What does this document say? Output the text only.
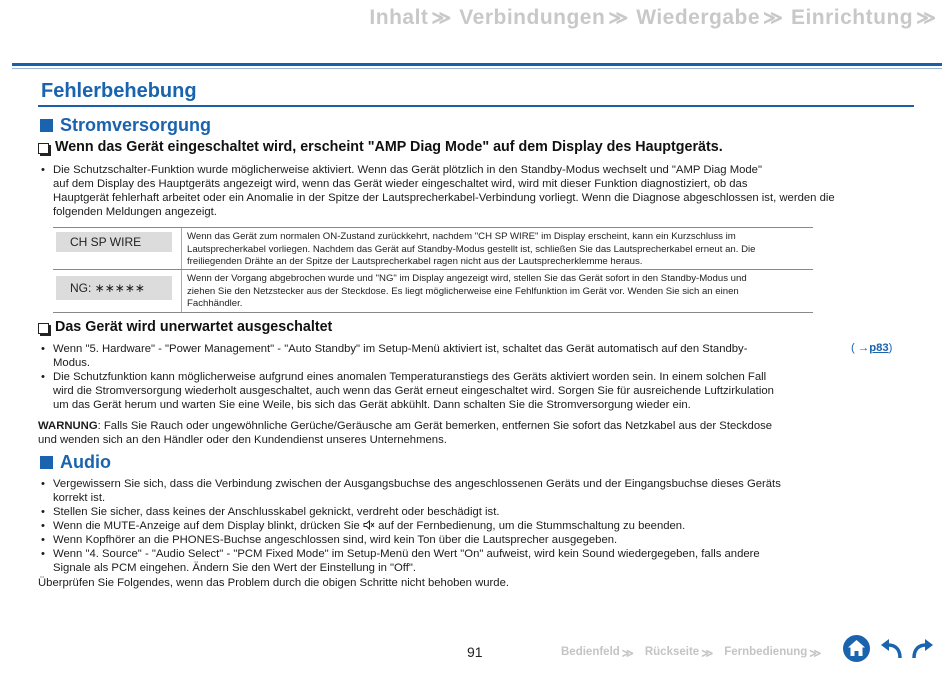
Inhalt ≫ Verbindungen ≫ Wiedergabe ≫ Einrichtung ≫
Fehlerbehebung
Stromversorgung
Wenn das Gerät eingeschaltet wird, erscheint "AMP Diag Mode" auf dem Display des Hauptgeräts.
• Die Schutzschalter-Funktion wurde möglicherweise aktiviert. Wenn das Gerät plötzlich in den Standby-Modus wechselt und "AMP Diag Mode"
auf dem Display des Hauptgeräts angezeigt wird, wenn das Gerät wieder eingeschaltet wird, wird mit dieser Funktion diagnostiziert, ob das
Hauptgerät fehlerhaft arbeitet oder ein Anomalie in der Spitze der Lautsprecherkabel-Verbindung vorliegt. Wenn die Diagnose abgeschlossen ist, werden die
folgenden Meldungen angezeigt.
CH SP WIRE	Wenn das Gerät zum normalen ON-Zustand zurückkehrt, nachdem "CH SP WIRE" im Display erscheint, kann ein Kurzschluss im
Lautsprecherkabel vorliegen. Nachdem das Gerät auf Standby-Modus gestellt ist, schließen Sie das Lautsprecherkabel erneut an. Die
freiliegenden Drähte an der Spitze der Lautsprecherkabel ragen nicht aus der Lautsprecherklemme heraus.
NG: ∗∗∗∗∗
Wenn der Vorgang abgebrochen wurde und "NG" im Display angezeigt wird, stellen Sie das Gerät sofort in den Standby-Modus und
ziehen Sie den Netzstecker aus der Steckdose. Es liegt möglicherweise eine Fehlfunktion im Gerät vor. Wenden Sie sich an einen
Fachhändler.
Das Gerät wird unerwartet ausgeschaltet
• Wenn "5. Hardware" - "Power Management" - "Auto Standby" im Setup-Menü aktiviert ist, schaltet das Gerät automatisch auf den Standby-
Modus.
( →p83)
• Die Schutzfunktion kann möglicherweise aufgrund eines anomalen Temperaturanstiegs des Geräts aktiviert worden sein. In einem solchen Fall
wird die Stromversorgung wiederholt ausgeschaltet, auch wenn das Gerät erneut eingeschaltet wird. Sorgen Sie für ausreichende Luftzirkulation
um das Gerät herum und warten Sie eine Weile, bis sich das Gerät abkühlt. Dann schalten Sie die Stromversorgung wieder ein.
WARNUNG: Falls Sie Rauch oder ungewöhnliche Gerüche/Geräusche am Gerät bemerken, entfernen Sie sofort das Netzkabel aus der Steckdose
und wenden sich an den Händler oder den Kundendienst unseres Unternehmens.
Audio
• Vergewissern Sie sich, dass die Verbindung zwischen der Ausgangsbuchse des angeschlossenen Geräts und der Eingangsbuchse dieses Geräts
korrekt ist.
• Stellen Sie sicher, dass keines der Anschlusskabel geknickt, verdreht oder beschädigt ist.
• Wenn die MUTE-Anzeige auf dem Display blinkt, drücken Sie auf der Fernbedienung, um die Stummschaltung zu beenden.
• Wenn Kopfhörer an die PHONES-Buchse angeschlossen sind, wird kein Ton über die Lautsprecher ausgegeben.
• Wenn "4. Source" - "Audio Select" - "PCM Fixed Mode" im Setup-Menü den Wert "On" aufweist, wird kein Sound wiedergegeben, falls andere
Signale als PCM eingehen. Ändern Sie den Wert der Einstellung in "Off".
Überprüfen Sie Folgendes, wenn das Problem durch die obigen Schritte nicht behoben wurde.
91	Bedienfeld ≫ Rückseite ≫ Fernbedienung ≫
